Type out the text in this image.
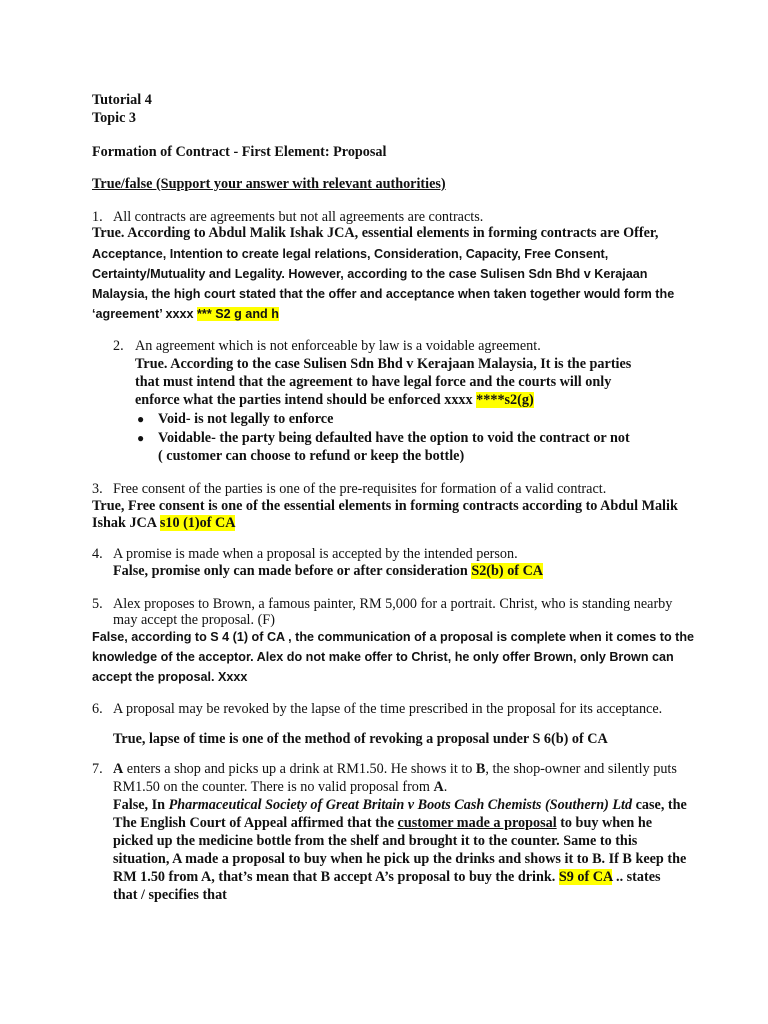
Tutorial 4
Topic 3
Formation of Contract - First Element: Proposal
True/false (Support your answer with relevant authorities)
1. All contracts are agreements but not all agreements are contracts.
True. According to Abdul Malik Ishak JCA, essential elements in forming contracts are Offer,
Acceptance, Intention to create legal relations, Consideration, Capacity, Free Consent,
Certainty/Mutuality and Legality. However, according to the case Sulisen Sdn Bhd v Kerajaan
Malaysia, the high court stated that the offer and acceptance when taken together would form the
‘agreement’ xxxx *** S2 g and h
2. An agreement which is not enforceable by law is a voidable agreement.
True. According to the case Sulisen Sdn Bhd v Kerajaan Malaysia, It is the parties
that must intend that the agreement to have legal force and the courts will only
enforce what the parties intend should be enforced xxxx ****s2(g)
● Void- is not legally to enforce
● Voidable- the party being defaulted have the option to void the contract or not
( customer can choose to refund or keep the bottle)
3. Free consent of the parties is one of the pre-requisites for formation of a valid contract.
True, Free consent is one of the essential elements in forming contracts according to Abdul Malik
Ishak JCA s10 (1)of CA
4. A promise is made when a proposal is accepted by the intended person.
False, promise only can made before or after consideration S2(b) of CA
5. Alex proposes to Brown, a famous painter, RM 5,000 for a portrait. Christ, who is standing nearby
may accept the proposal. (F)
False, according to S 4 (1) of CA , the communication of a proposal is complete when it comes to the
knowledge of the acceptor. Alex do not make offer to Christ, he only offer Brown, only Brown can
accept the proposal. Xxxx
6. A proposal may be revoked by the lapse of the time prescribed in the proposal for its acceptance.
True, lapse of time is one of the method of revoking a proposal under S 6(b) of CA
7. A enters a shop and picks up a drink at RM1.50. He shows it to B, the shop-owner and silently puts
RM1.50 on the counter. There is no valid proposal from A.
False, In Pharmaceutical Society of Great Britain v Boots Cash Chemists (Southern) Ltd case, the
The English Court of Appeal affirmed that the customer made a proposal to buy when he
picked up the medicine bottle from the shelf and brought it to the counter. Same to this
situation, A made a proposal to buy when he pick up the drinks and shows it to B. If B keep the
RM 1.50 from A, that’s mean that B accept A’s proposal to buy the drink. S9 of CA .. states
that / specifies that
